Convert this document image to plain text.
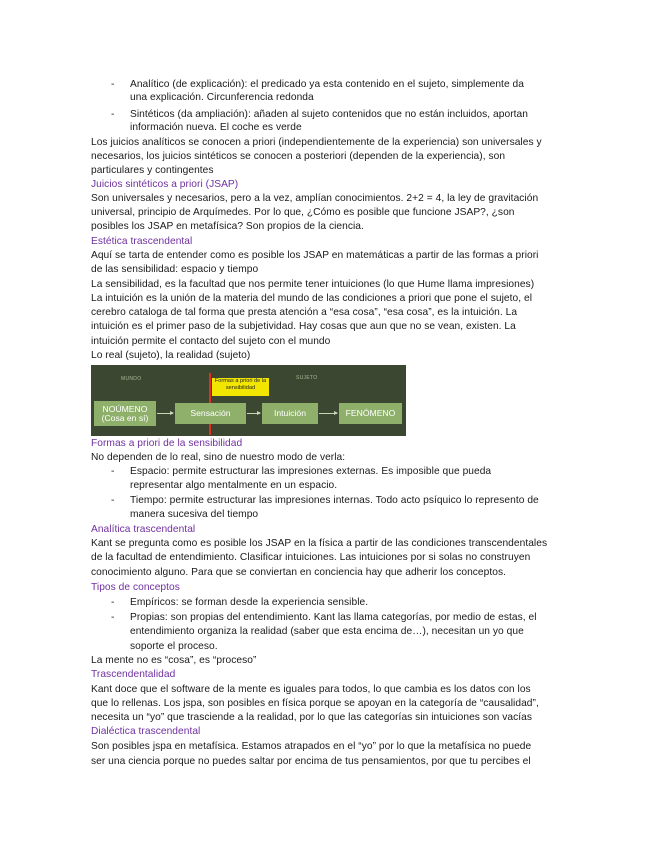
Analítico (de explicación): el predicado ya esta contenido en el sujeto, simplemente da
-
una explicación. Circunferencia redonda
Sintéticos (da ampliación): añaden al sujeto contenidos que no están incluidos, aportan
-
información nueva. El coche es verde
Los juicios analíticos se conocen a priori (independientemente de la experiencia) son universales y
necesarios, los juicios sintéticos se conocen a posteriori (dependen de la experiencia), son
particulares y contingentes
Juicios sintéticos a priori (JSAP)
Son universales y necesarios, pero a la vez, amplían conocimientos. 2+2 = 4, la ley de gravitación
universal, principio de Arquímedes. Por lo que, ¿Cómo es posible que funcione JSAP?, ¿son
posibles los JSAP en metafísica? Son propios de la ciencia.
Estética trascendental
Aquí se tarta de entender como es posible los JSAP en matemáticas a partir de las formas a priori
de las sensibilidad: espacio y tiempo
La sensibilidad, es la facultad que nos permite tener intuiciones (lo que Hume llama impresiones)
La intuición es la unión de la materia del mundo de las condiciones a priori que pone el sujeto, el
cerebro cataloga de tal forma que presta atención a “esa cosa”, “esa cosa”, es la intuición. La
intuición es el primer paso de la subjetividad. Hay cosas que aun que no se vean, existen. La
intuición permite el contacto del sujeto con el mundo
Lo real (sujeto), la realidad (sujeto)
Formas a priori de la sensibilidad
No dependen de lo real, sino de nuestro modo de verla:
Espacio: permite estructurar las impresiones externas. Es imposible que pueda
-
representar algo mentalmente en un espacio.
Tiempo: permite estructurar las impresiones internas. Todo acto psíquico lo represento de
-
manera sucesiva del tiempo
Analítica trascendental
Kant se pregunta como es posible los JSAP en la física a partir de las condiciones transcendentales
de la facultad de entendimiento. Clasificar intuiciones. Las intuiciones por si solas no construyen
conocimiento alguno. Para que se conviertan en conciencia hay que adherir los conceptos.
Tipos de conceptos
Empíricos: se forman desde la experiencia sensible.
-
Propias: son propias del entendimiento. Kant las llama categorías, por medio de estas, el
-
entendimiento organiza la realidad (saber que esta encima de…), necesitan un yo que
soporte el proceso.
La mente no es “cosa”, es “proceso”
Trascendentalidad
Kant doce que el software de la mente es iguales para todos, lo que cambia es los datos con los
que lo rellenas. Los jspa, son posibles en física porque se apoyan en la categoría de “causalidad”,
necesita un “yo” que trasciende a la realidad, por lo que las categorías sin intuiciones son vacías
Dialéctica trascendental
Son posibles jspa en metafísica. Estamos atrapados en el “yo” por lo que la metafísica no puede
ser una ciencia porque no puedes saltar por encima de tus pensamientos, por que tu percibes el
MUNDO	SUJETO
Formas a priori de la sensibilidad
NOÚMENO (Cosa en sí)	Sensación	Intuición	FENÓMENO
